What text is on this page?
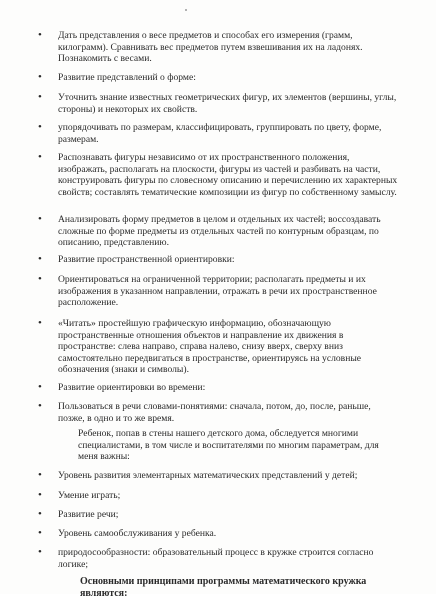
• Дать представления о весе предметов и способах его измерения (грамм, килограмм). Сравнивать вес предметов путем взвешивания их на ладонях. Познакомить с весами.

• Развитие представлений о форме:

• Уточнить знание известных геометрических фигур, их элементов (вершины, углы, стороны) и некоторых их свойств.

• упорядочивать по размерам, классифицировать, группировать по цвету, форме, размерам.

• Распознавать фигуры независимо от их пространственного положения, изображать, располагать на плоскости, фигуры из частей и разбивать на части, конструировать фигуры по словесному описанию и перечислению их характерных свойств; составлять тематические композиции из фигур по собственному замыслу.

• Анализировать форму предметов в целом и отдельных их частей; воссоздавать сложные по форме предметы из отдельных частей по контурным образцам, по описанию, представлению.

• Развитие пространственной ориентировки:

• Ориентироваться на ограниченной территории; располагать предметы и их изображения в указанном направлении, отражать в речи их пространственное расположение.

• «Читать» простейшую графическую информацию, обозначающую пространственные отношения объектов и направление их движения в пространстве: слева направо, справа налево, снизу вверх, сверху вниз самостоятельно передвигаться в пространстве, ориентируясь на условные обозначения (знаки и символы).

• Развитие ориентировки во времени:

• Пользоваться в речи словами-понятиями: сначала, потом, до, после, раньше, позже, в одно и то же время.

Ребенок, попав в стены нашего детского дома, обследуется многими специалистами, в том числе и воспитателями по многим параметрам, для меня важны:

• Уровень развития элементарных математических представлений у детей;

• Умение играть;

• Развитие речи;

• Уровень самообслуживания у ребенка.

• природосообразности: образовательный процесс в кружке строится согласно логике;

Основными принципами программы математического кружка являются:
